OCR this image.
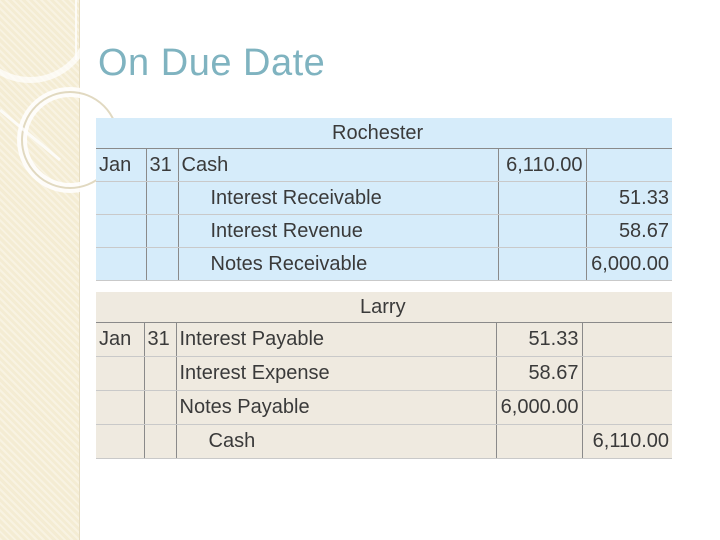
On Due Date
		Rochester		
Jan	31	Cash	6,110.00	
		Interest Receivable		51.33
		Interest Revenue		58.67
		Notes Receivable		6,000.00
		Larry		
Jan	31	Interest Payable	51.33	
		Interest Expense	58.67	
		Notes Payable	6,000.00	
		Cash		6,110.00
